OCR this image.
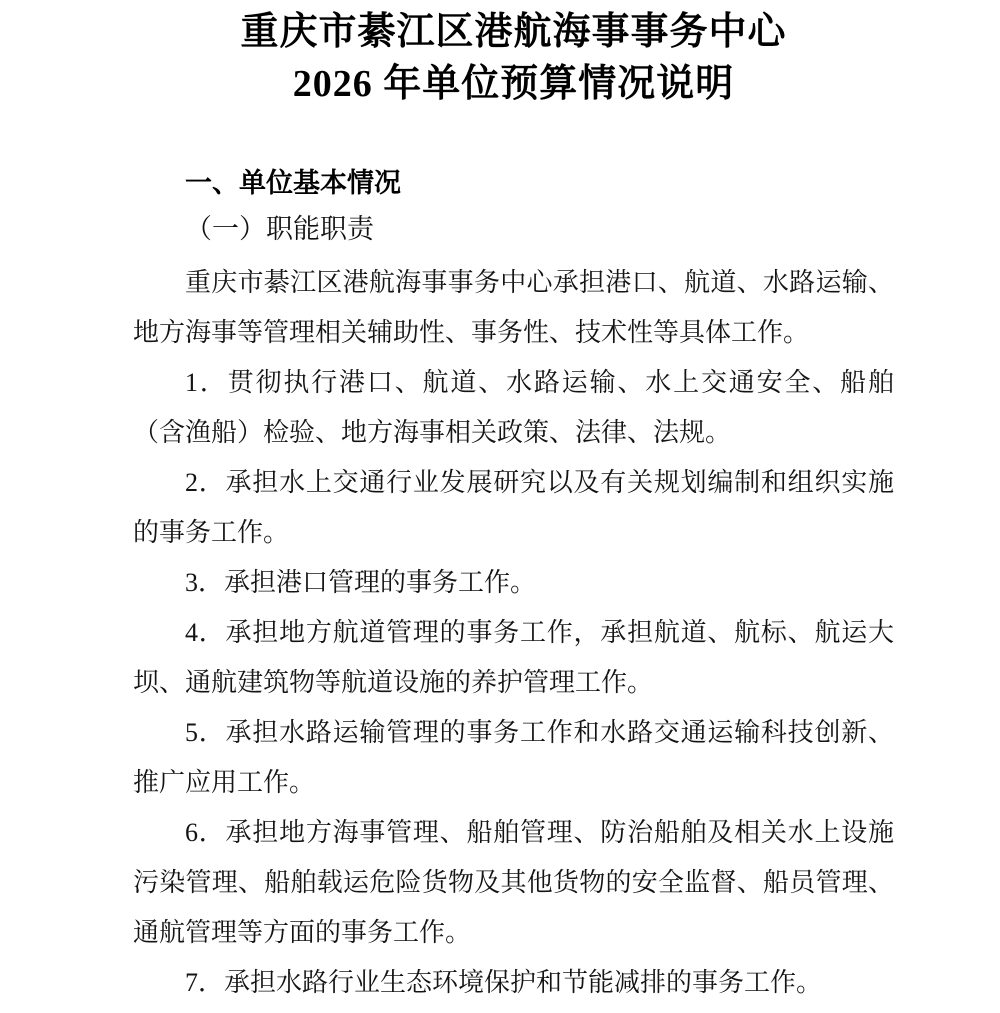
重庆市綦江区港航海事事务中心
2026 年单位预算情况说明
一、单位基本情况
（一）职能职责

重庆市綦江区港航海事事务中心承担港口、航道、水路运输、地方海事等管理相关辅助性、事务性、技术性等具体工作。

1．贯彻执行港口、航道、水路运输、水上交通安全、船舶（含渔船）检验、地方海事相关政策、法律、法规。

2．承担水上交通行业发展研究以及有关规划编制和组织实施的事务工作。

3．承担港口管理的事务工作。

4．承担地方航道管理的事务工作，承担航道、航标、航运大坝、通航建筑物等航道设施的养护管理工作。

5．承担水路运输管理的事务工作和水路交通运输科技创新、推广应用工作。

6．承担地方海事管理、船舶管理、防治船舶及相关水上设施污染管理、船舶载运危险货物及其他货物的安全监督、船员管理、通航管理等方面的事务工作。

7．承担水路行业生态环境保护和节能减排的事务工作。
